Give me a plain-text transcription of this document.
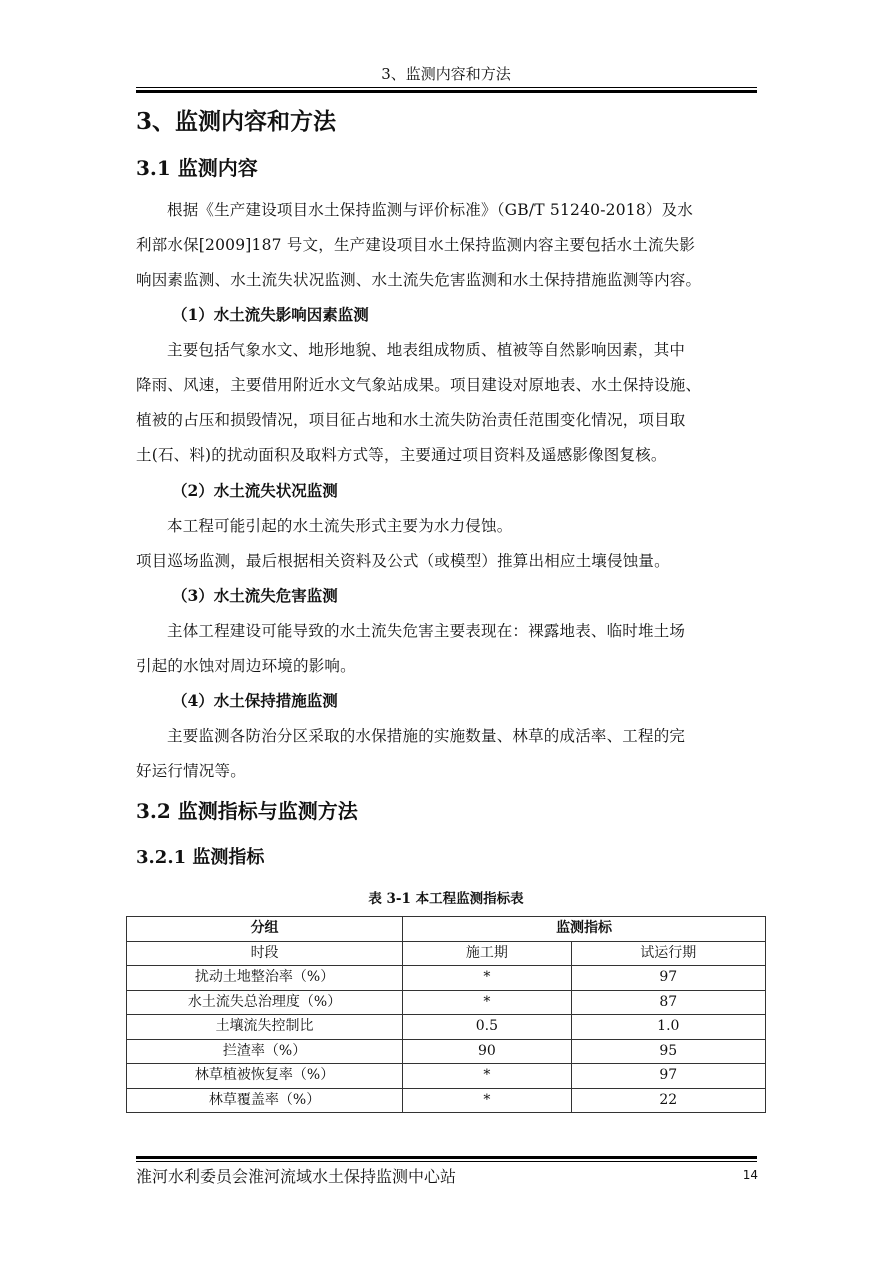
3、监测内容和方法
3、监测内容和方法
3.1 监测内容

根据《生产建设项目水土保持监测与评价标准》（GB/T 51240-2018）及水
利部水保[2009]187 号文，生产建设项目水土保持监测内容主要包括水土流失影
响因素监测、水土流失状况监测、水土流失危害监测和水土保持措施监测等内容。

（1）水土流失影响因素监测

主要包括气象水文、地形地貌、地表组成物质、植被等自然影响因素，其中
降雨、风速，主要借用附近水文气象站成果。项目建设对原地表、水土保持设施、
植被的占压和损毁情况，项目征占地和水土流失防治责任范围变化情况，项目取
土(石、料)的扰动面积及取料方式等，主要通过项目资料及遥感影像图复核。

（2）水土流失状况监测

本工程可能引起的水土流失形式主要为水力侵蚀。
项目巡场监测，最后根据相关资料及公式（或模型）推算出相应土壤侵蚀量。

（3）水土流失危害监测

主体工程建设可能导致的水土流失危害主要表现在：裸露地表、临时堆土场
引起的水蚀对周边环境的影响。

（4）水土保持措施监测

主要监测各防治分区采取的水保措施的实施数量、林草的成活率、工程的完
好运行情况等。

3.2 监测指标与监测方法
3.2.1 监测指标
表 3-1 本工程监测指标表
分组	监测指标	
时段	施工期	试运行期
扰动土地整治率（%）	*	97
水土流失总治理度（%）	*	87
土壤流失控制比	0.5	1.0
拦渣率（%）	90	95
林草植被恢复率（%）	*	97
林草覆盖率（%）	*	22
淮河水利委员会淮河流域水土保持监测中心站	14
